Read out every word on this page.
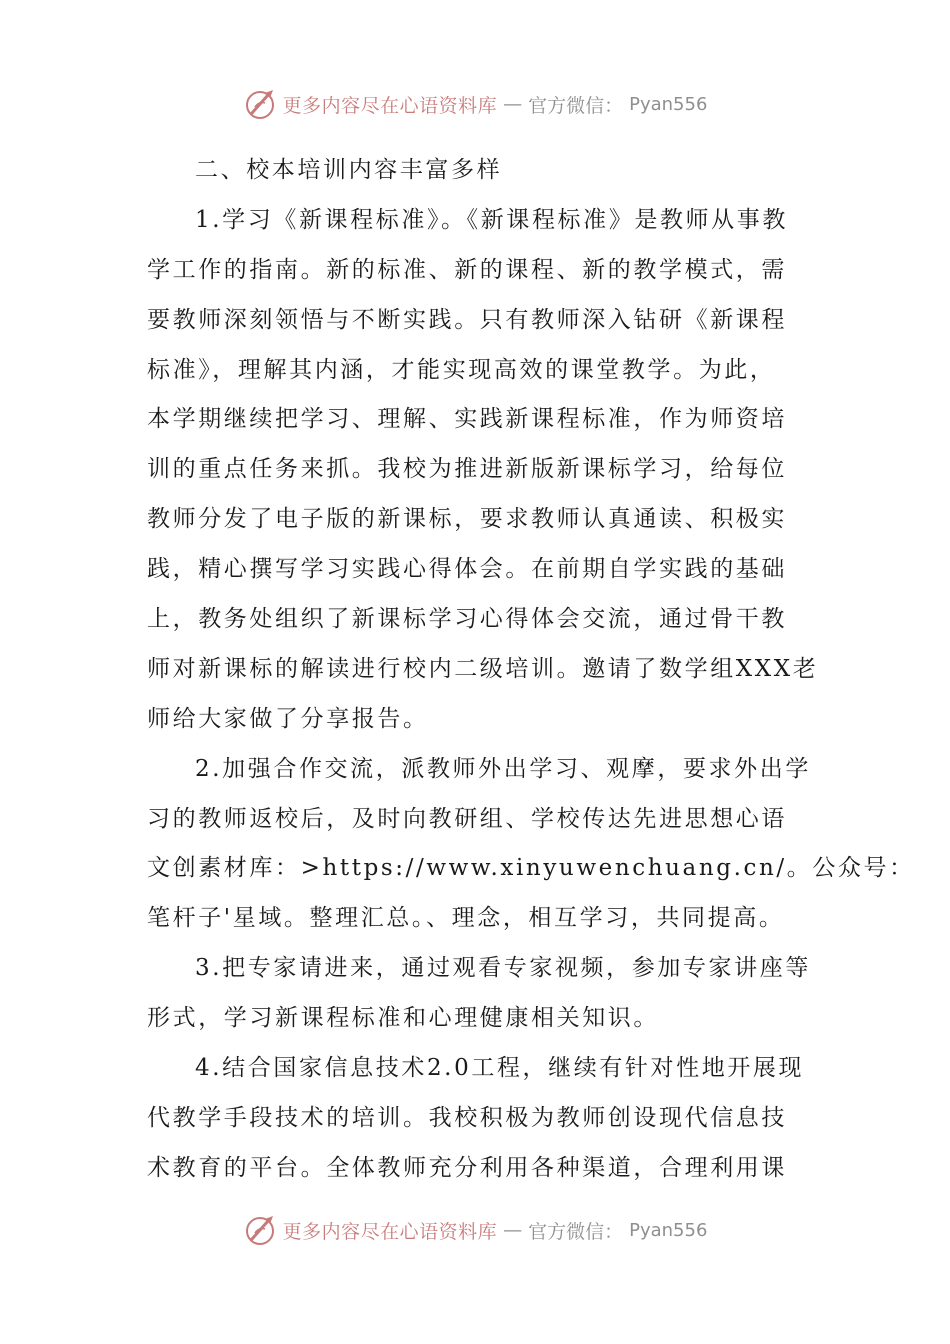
更多内容尽在心语资料库 — 官方微信： Pyan556
二、校本培训内容丰富多样
1.学习《新课程标准》。《新课程标准》是教师从事教
学工作的指南。新的标准、新的课程、新的教学模式，需
要教师深刻领悟与不断实践。只有教师深入钻研《新课程
标准》，理解其内涵，才能实现高效的课堂教学。为此，
本学期继续把学习、理解、实践新课程标准，作为师资培
训的重点任务来抓。我校为推进新版新课标学习，给每位
教师分发了电子版的新课标，要求教师认真通读、积极实
践，精心撰写学习实践心得体会。在前期自学实践的基础
上，教务处组织了新课标学习心得体会交流，通过骨干教
师对新课标的解读进行校内二级培训。邀请了数学组XXX老
师给大家做了分享报告。
2.加强合作交流，派教师外出学习、观摩，要求外出学
习的教师返校后，及时向教研组、学校传达先进思想心语
文创素材库：>https://www.xinyuwenchuang.cn/。公众号：
笔杆子'星域。整理汇总。、理念，相互学习，共同提高。
3.把专家请进来，通过观看专家视频，参加专家讲座等
形式，学习新课程标准和心理健康相关知识。
4.结合国家信息技术2.0工程，继续有针对性地开展现
代教学手段技术的培训。我校积极为教师创设现代信息技
术教育的平台。全体教师充分利用各种渠道，合理利用课
更多内容尽在心语资料库 — 官方微信： Pyan556
